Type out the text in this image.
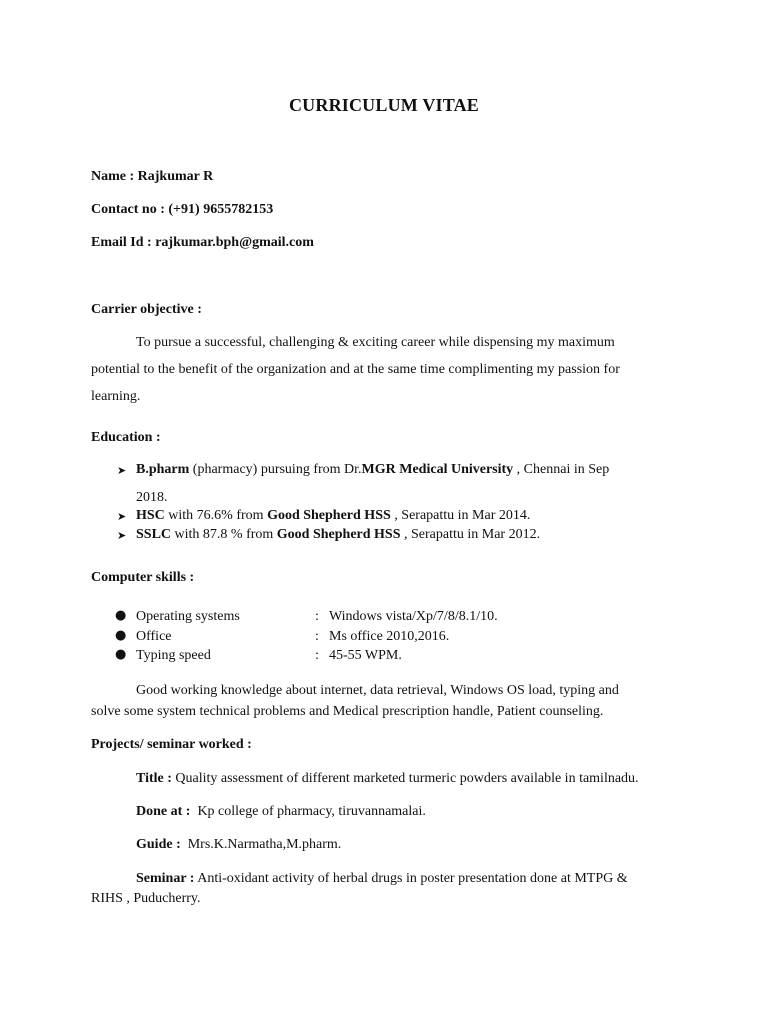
CURRICULUM VITAE
Name : Rajkumar R
Contact no : (+91) 9655782153
Email Id : rajkumar.bph@gmail.com
Carrier objective :
To pursue a successful, challenging & exciting career while dispensing my maximum
potential to the benefit of the organization and at the same time complimenting my passion for
learning.
Education :
➤ B.pharm (pharmacy) pursuing from Dr.MGR Medical University , Chennai in Sep
2018.
➤ HSC with 76.6% from Good Shepherd HSS , Serapattu in Mar 2014.
➤ SSLC with 87.8 % from Good Shepherd HSS , Serapattu in Mar 2012.
Computer skills :
● Operating systems	: Windows vista/Xp/7/8/8.1/10.
● Office	: Ms office 2010,2016.
● Typing speed	: 45-55 WPM.
Good working knowledge about internet, data retrieval, Windows OS load, typing and
solve some system technical problems and Medical prescription handle, Patient counseling.
Projects/ seminar worked :
Title : Quality assessment of different marketed turmeric powders available in tamilnadu.
Done at : Kp college of pharmacy, tiruvannamalai.
Guide : Mrs.K.Narmatha,M.pharm.
Seminar : Anti-oxidant activity of herbal drugs in poster presentation done at MTPG &
RIHS , Puducherry.
